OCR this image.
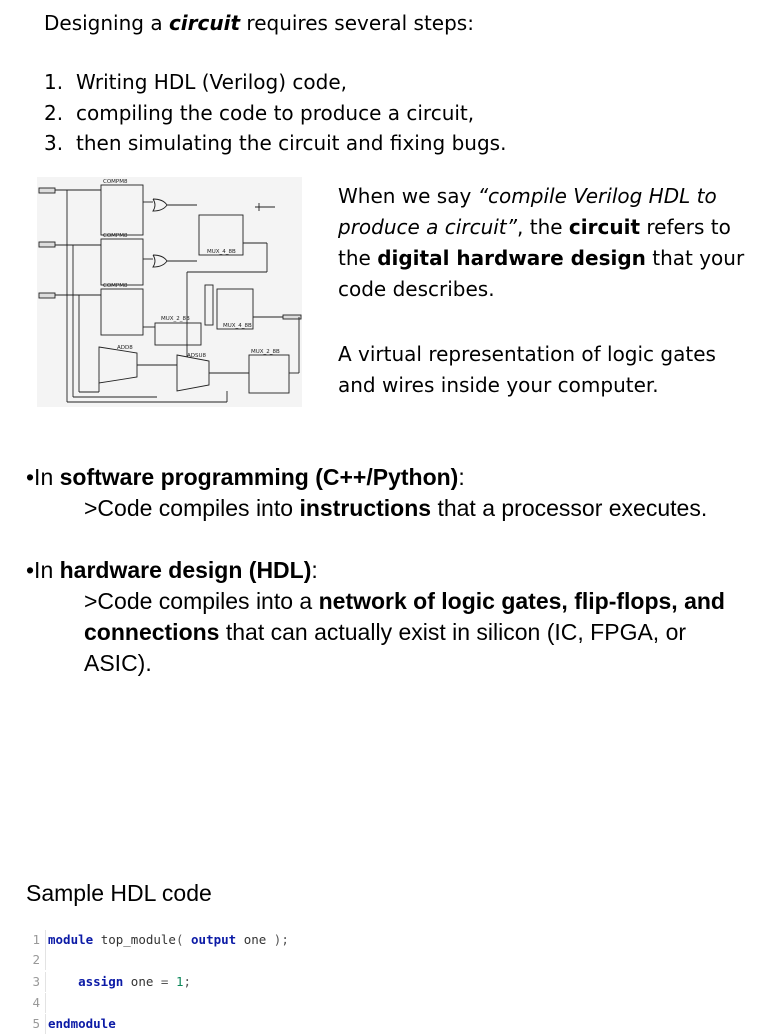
Designing a circuit requires several steps:
1. Writing HDL (Verilog) code,
2. compiling the code to produce a circuit,
3. then simulating the circuit and fixing bugs.
COMPM8
COMPM8
COMPM8
MUX_4_8B
MUX_2_8B
MUX_4_8B
ADD8
ADSU8
MUX_2_8B

When we say “compile Verilog HDL to produce a circuit”, the circuit refers to the digital hardware design that your code describes.

A virtual representation of logic gates and wires inside your computer.

•In software programming (C++/Python):

>Code compiles into instructions that a processor executes.

•In hardware design (HDL):

>Code compiles into a network of logic gates, flip-flops, and connections that can actually exist in silicon (IC, FPGA, or ASIC).

Sample HDL code
1 module top_module( output one );
2
3	assign one = 1;
4
5 endmodule
